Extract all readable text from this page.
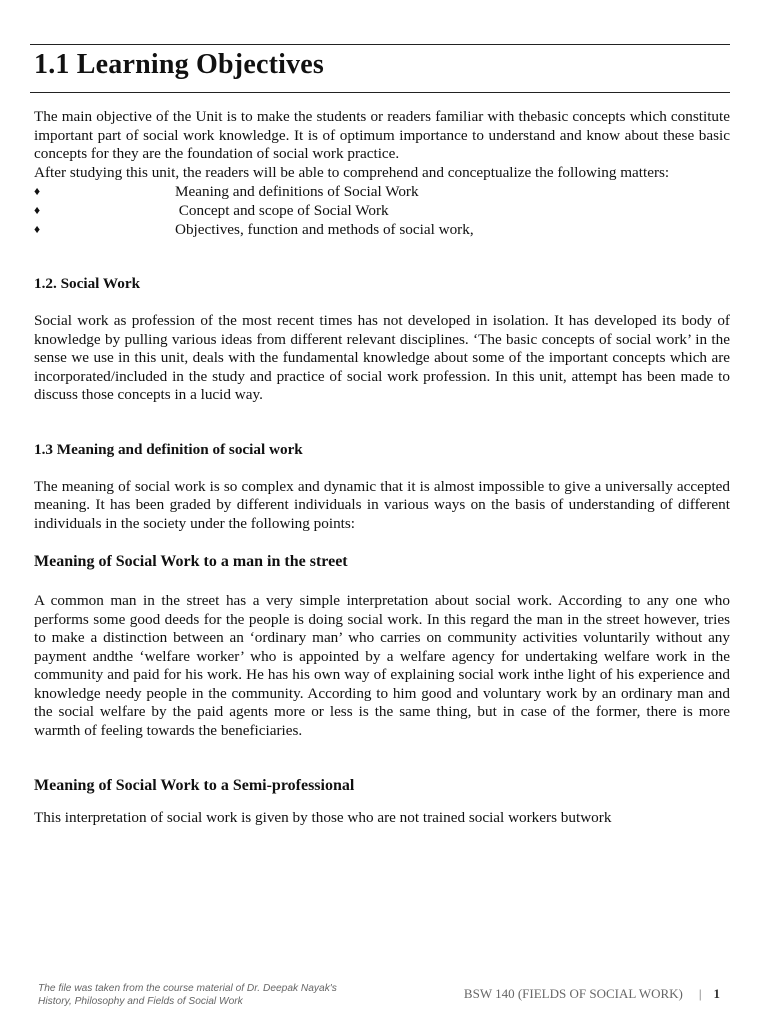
1.1 Learning Objectives

The main objective of the Unit is to make the students or readers familiar with thebasic concepts which constitute important part of social work knowledge. It is of optimum importance to understand and know about these basic concepts for they are the foundation of social work practice.

After studying this unit, the readers will be able to comprehend and conceptualize the following matters:

♦	Meaning and definitions of Social Work
♦	Concept and scope of Social Work
♦	Objectives, function and methods of social work,
1.2. Social Work

Social work as profession of the most recent times has not developed in isolation. It has developed its body of knowledge by pulling various ideas from different relevant disciplines. ‘The basic concepts of social work’ in the sense we use in this unit, deals with the fundamental knowledge about some of the important concepts which are incorporated/included in the study and practice of social work profession. In this unit, attempt has been made to discuss those concepts in a lucid way.

1.3 Meaning and definition of social work

The meaning of social work is so complex and dynamic that it is almost impossible to give a universally accepted meaning. It has been graded by different individuals in various ways on the basis of understanding of different individuals in the society under the following points:

Meaning of Social Work to a man in the street

A common man in the street has a very simple interpretation about social work. According to any one who performs some good deeds for the people is doing social work. In this regard the man in the street however, tries to make a distinction between an ‘ordinary man’ who carries on community activities voluntarily without any payment andthe ‘welfare worker’ who is appointed by a welfare agency for undertaking welfare work in the community and paid for his work. He has his own way of explaining social work inthe light of his experience and knowledge needy people in the community. According to him good and voluntary work by an ordinary man and the social welfare by the paid agents more or less is the same thing, but in case of the former, there is more warmth of feeling towards the beneficiaries.

Meaning of Social Work to a Semi-professional

This interpretation of social work is given by those who are not trained social workers butwork

The file was taken from the course material of Dr. Deepak Nayak's
History, Philosophy and Fields of Social Work	BSW 140 (FIELDS OF SOCIAL WORK) | 1
